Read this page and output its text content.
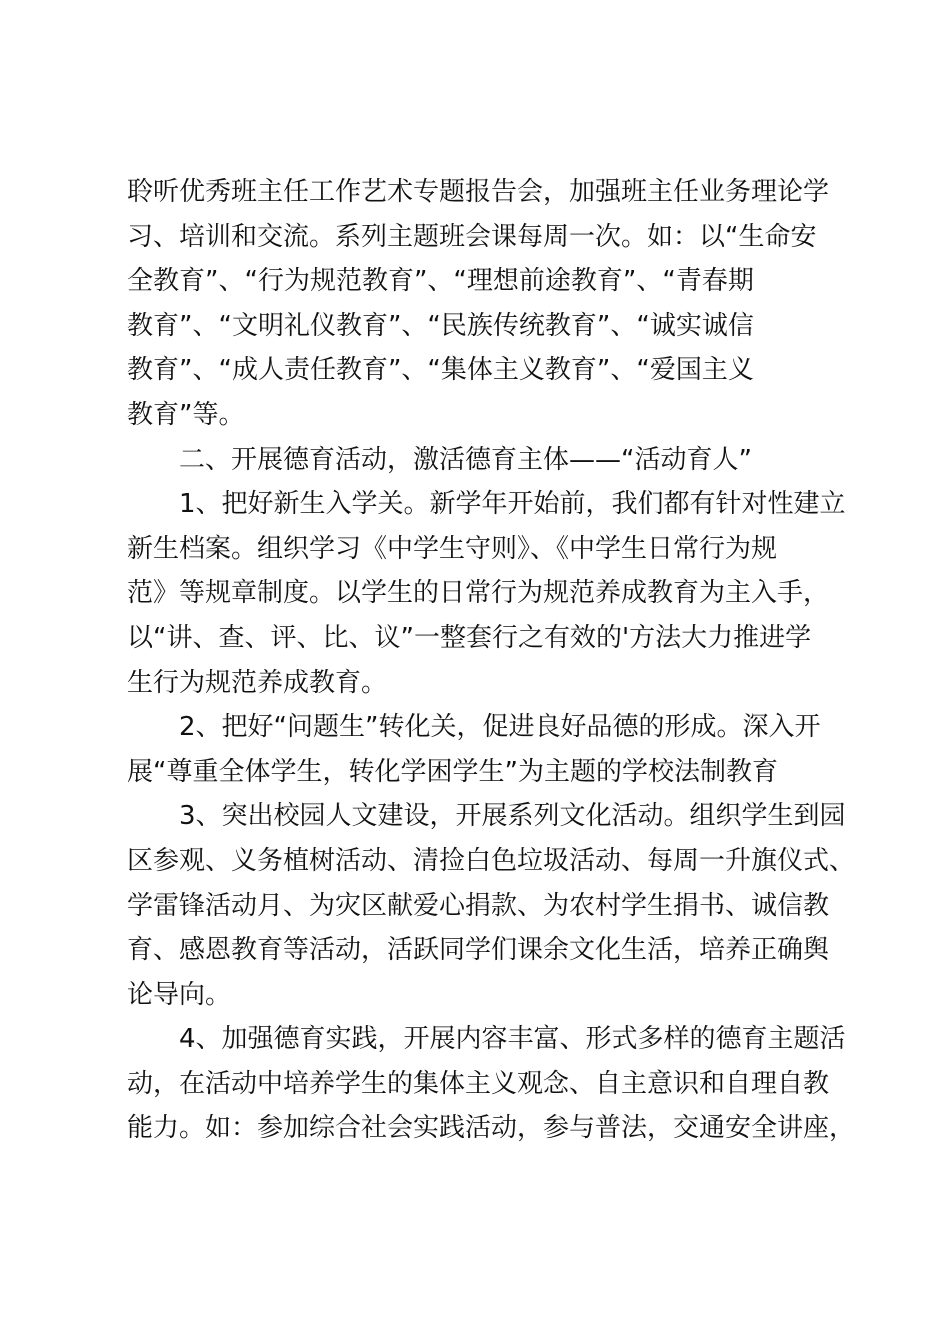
聆听优秀班主任工作艺术专题报告会，加强班主任业务理论学
习、培训和交流。系列主题班会课每周一次。如：以“生命安
全教育”、“行为规范教育”、“理想前途教育”、“青春期
教育”、“文明礼仪教育”、“民族传统教育”、“诚实诚信
教育”、“成人责任教育”、“集体主义教育”、“爱国主义
教育”等。
二、开展德育活动，激活德育主体——“活动育人”
1、把好新生入学关。新学年开始前，我们都有针对性建立
新生档案。组织学习《中学生守则》、《中学生日常行为规
范》等规章制度。以学生的日常行为规范养成教育为主入手，
以“讲、查、评、比、议”一整套行之有效的'方法大力推进学
生行为规范养成教育。
2、把好“问题生”转化关，促进良好品德的形成。深入开
展“尊重全体学生，转化学困学生”为主题的学校法制教育
3、突出校园人文建设，开展系列文化活动。组织学生到园
区参观、义务植树活动、清捡白色垃圾活动、每周一升旗仪式、
学雷锋活动月、为灾区献爱心捐款、为农村学生捐书、诚信教
育、感恩教育等活动，活跃同学们课余文化生活，培养正确舆
论导向。
4、加强德育实践，开展内容丰富、形式多样的德育主题活
动，在活动中培养学生的集体主义观念、自主意识和自理自教
能力。如：参加综合社会实践活动，参与普法，交通安全讲座，
